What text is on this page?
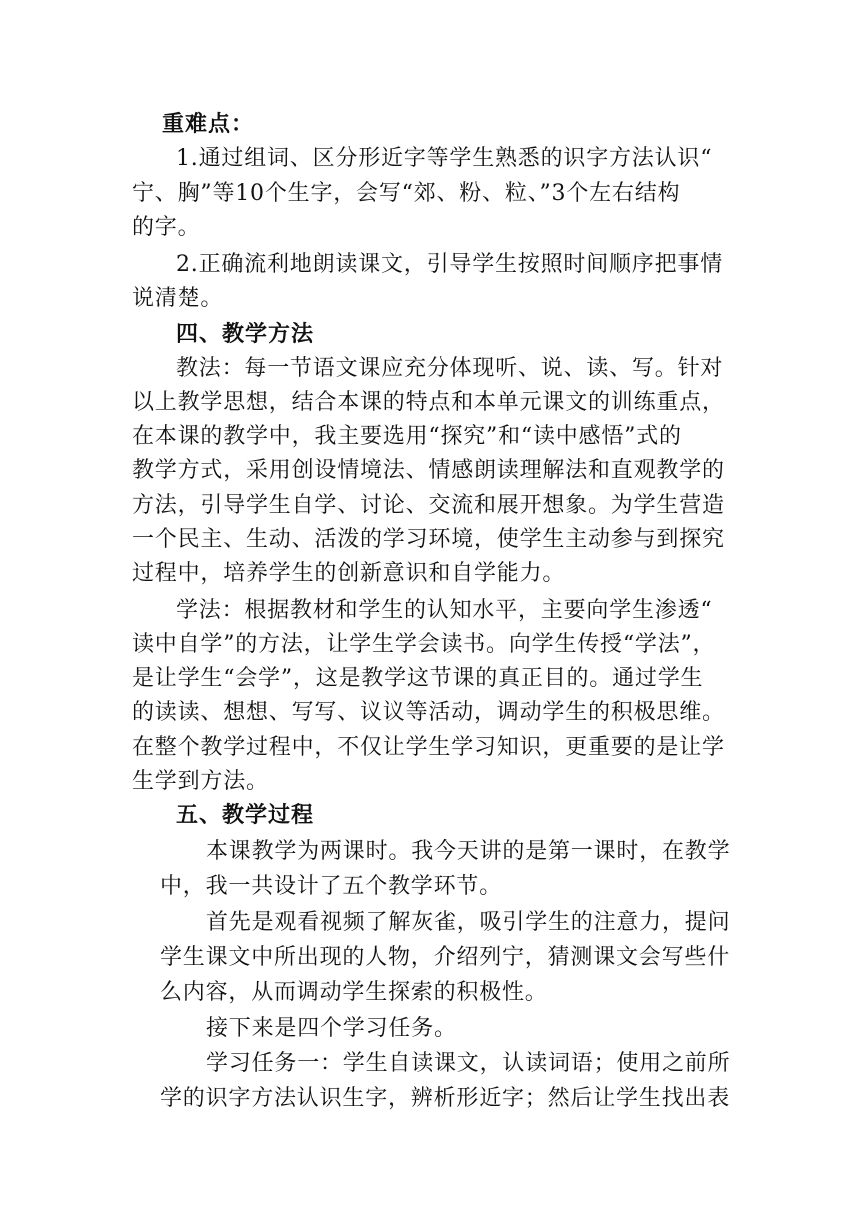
重难点：
1.通过组词、区分形近字等学生熟悉的识字方法认识“
宁、胸”等10个生字，会写“郊、粉、粒、”3个左右结构
的字。
2.正确流利地朗读课文，引导学生按照时间顺序把事情
说清楚。
四、教学方法
教法：每一节语文课应充分体现听、说、读、写。针对
以上教学思想，结合本课的特点和本单元课文的训练重点，
在本课的教学中，我主要选用“探究”和“读中感悟”式的
教学方式，采用创设情境法、情感朗读理解法和直观教学的
方法，引导学生自学、讨论、交流和展开想象。为学生营造
一个民主、生动、活泼的学习环境，使学生主动参与到探究
过程中，培养学生的创新意识和自学能力。
学法：根据教材和学生的认知水平，主要向学生渗透“
读中自学”的方法，让学生学会读书。向学生传授“学法”，
是让学生“会学”，这是教学这节课的真正目的。通过学生
的读读、想想、写写、议议等活动，调动学生的积极思维。
在整个教学过程中，不仅让学生学习知识，更重要的是让学
生学到方法。
五、教学过程
本课教学为两课时。我今天讲的是第一课时，在教学
中，我一共设计了五个教学环节。
首先是观看视频了解灰雀，吸引学生的注意力，提问
学生课文中所出现的人物，介绍列宁，猜测课文会写些什
么内容，从而调动学生探索的积极性。
接下来是四个学习任务。
学习任务一：学生自读课文，认读词语；使用之前所
学的识字方法认识生字，辨析形近字；然后让学生找出表
